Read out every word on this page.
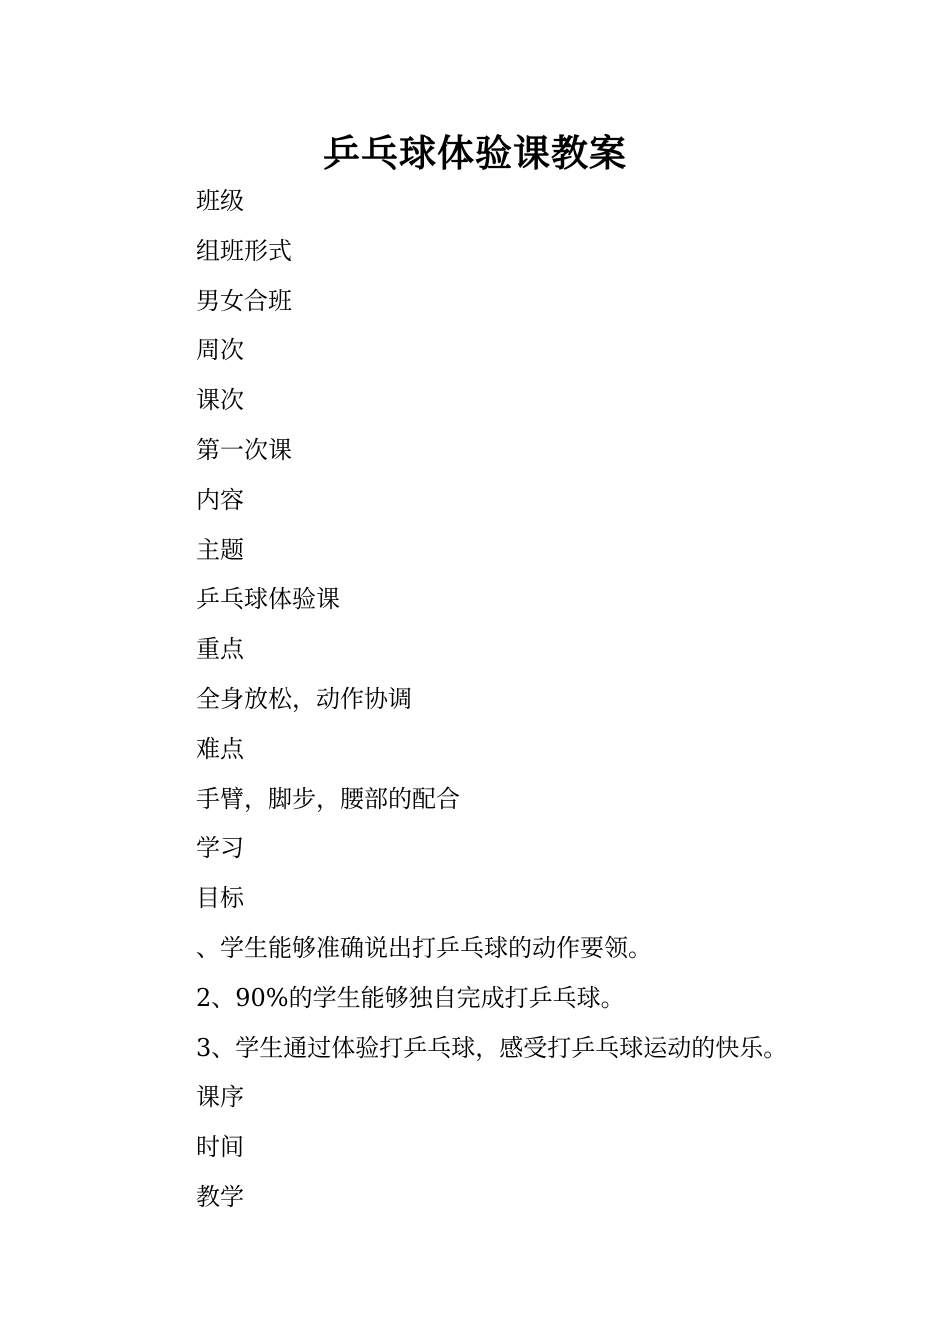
乒乓球体验课教案
班级
组班形式
男女合班
周次
课次
第一次课
内容
主题
乒乓球体验课
重点
全身放松，动作协调
难点
手臂，脚步，腰部的配合
学习
目标
、学生能够准确说出打乒乓球的动作要领。
2、90%的学生能够独自完成打乒乓球。
3、学生通过体验打乒乓球，感受打乒乓球运动的快乐。
课序
时间
教学
